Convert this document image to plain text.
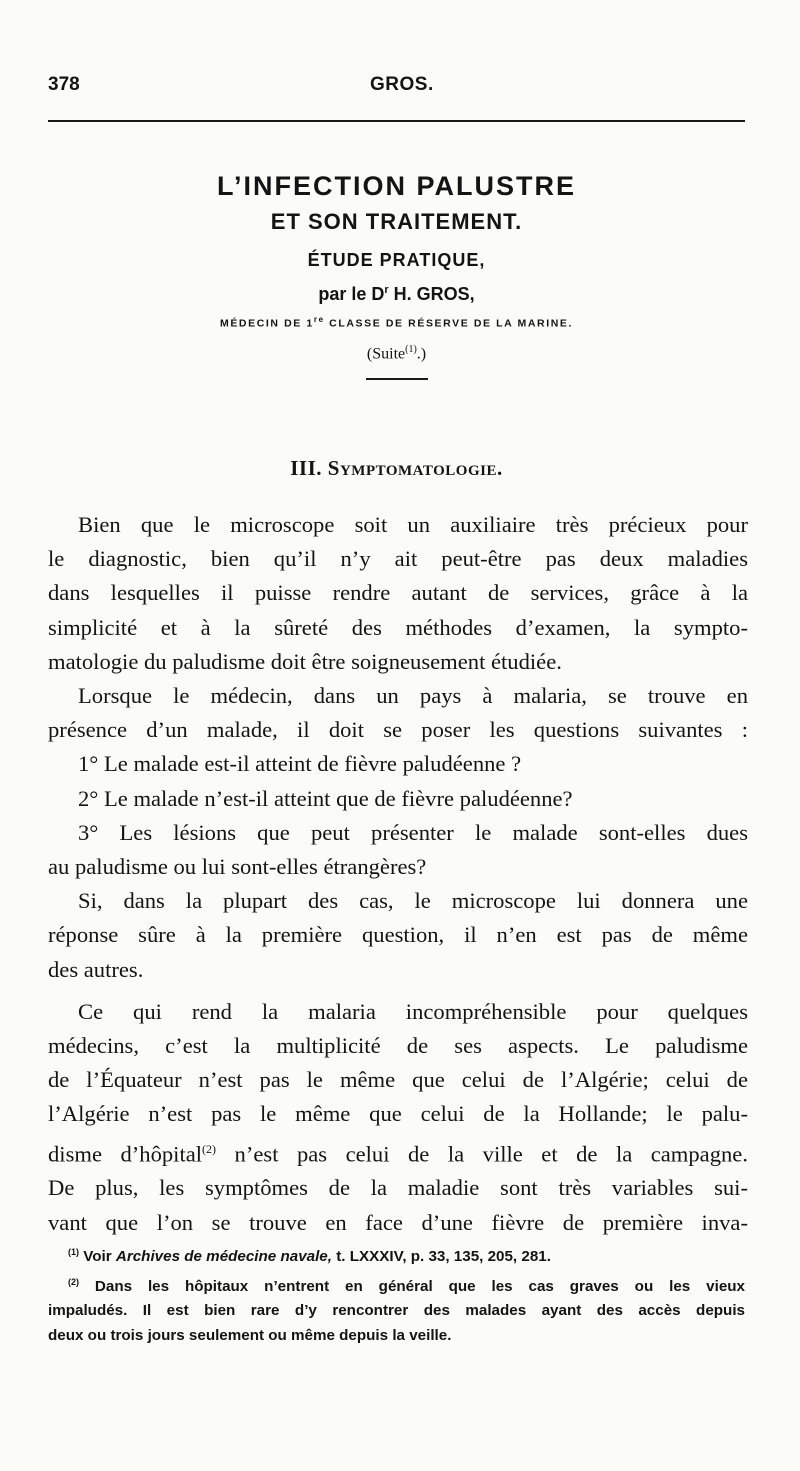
378	GROS.

L’INFECTION PALUSTRE

ET SON TRAITEMENT.

ÉTUDE PRATIQUE,

par le $D^r$ H. GROS,

MÉDECIN DE 1re CLASSE DE RÉSERVE DE LA MARINE.

(Suite$^{(1)}$.)

III. Symptomatologie.

Bien que le microscope soit un auxiliaire très précieux pour
le diagnostic, bien qu’il n’y ait peut-être pas deux maladies
dans lesquelles il puisse rendre autant de services, grâce à la
simplicité et à la sûreté des méthodes d’examen, la sympto-
matologie du paludisme doit être soigneusement étudiée.

Lorsque le médecin, dans un pays à malaria, se trouve en
présence d’un malade, il doit se poser les questions suivantes :

1° Le malade est-il atteint de fièvre paludéenne ?
2° Le malade n’est-il atteint que de fièvre paludéenne?
3° Les lésions que peut présenter le malade sont-elles dues
au paludisme ou lui sont-elles étrangères?

Si, dans la plupart des cas, le microscope lui donnera une
réponse sûre à la première question, il n’en est pas de même
des autres.

Ce qui rend la malaria incompréhensible pour quelques
médecins, c’est la multiplicité de ses aspects. Le paludisme
de l’Équateur n’est pas le même que celui de l’Algérie; celui de
l’Algérie n’est pas le même que celui de la Hollande; le palu-
disme d’hôpital$^{(2)}$ n’est pas celui de la ville et de la campagne.
De plus, les symptômes de la maladie sont très variables sui-
vant que l’on se trouve en face d’une fièvre de première inva-

$^{(1)}$ Voir Archives de médecine navale, t. LXXXIV, p. 33, 135, 205, 281.
$^{(2)}$ Dans les hôpitaux n’entrent en général que les cas graves ou les vieux
impaludés. Il est bien rare d’y rencontrer des malades ayant des accès depuis
deux ou trois jours seulement ou même depuis la veille.
